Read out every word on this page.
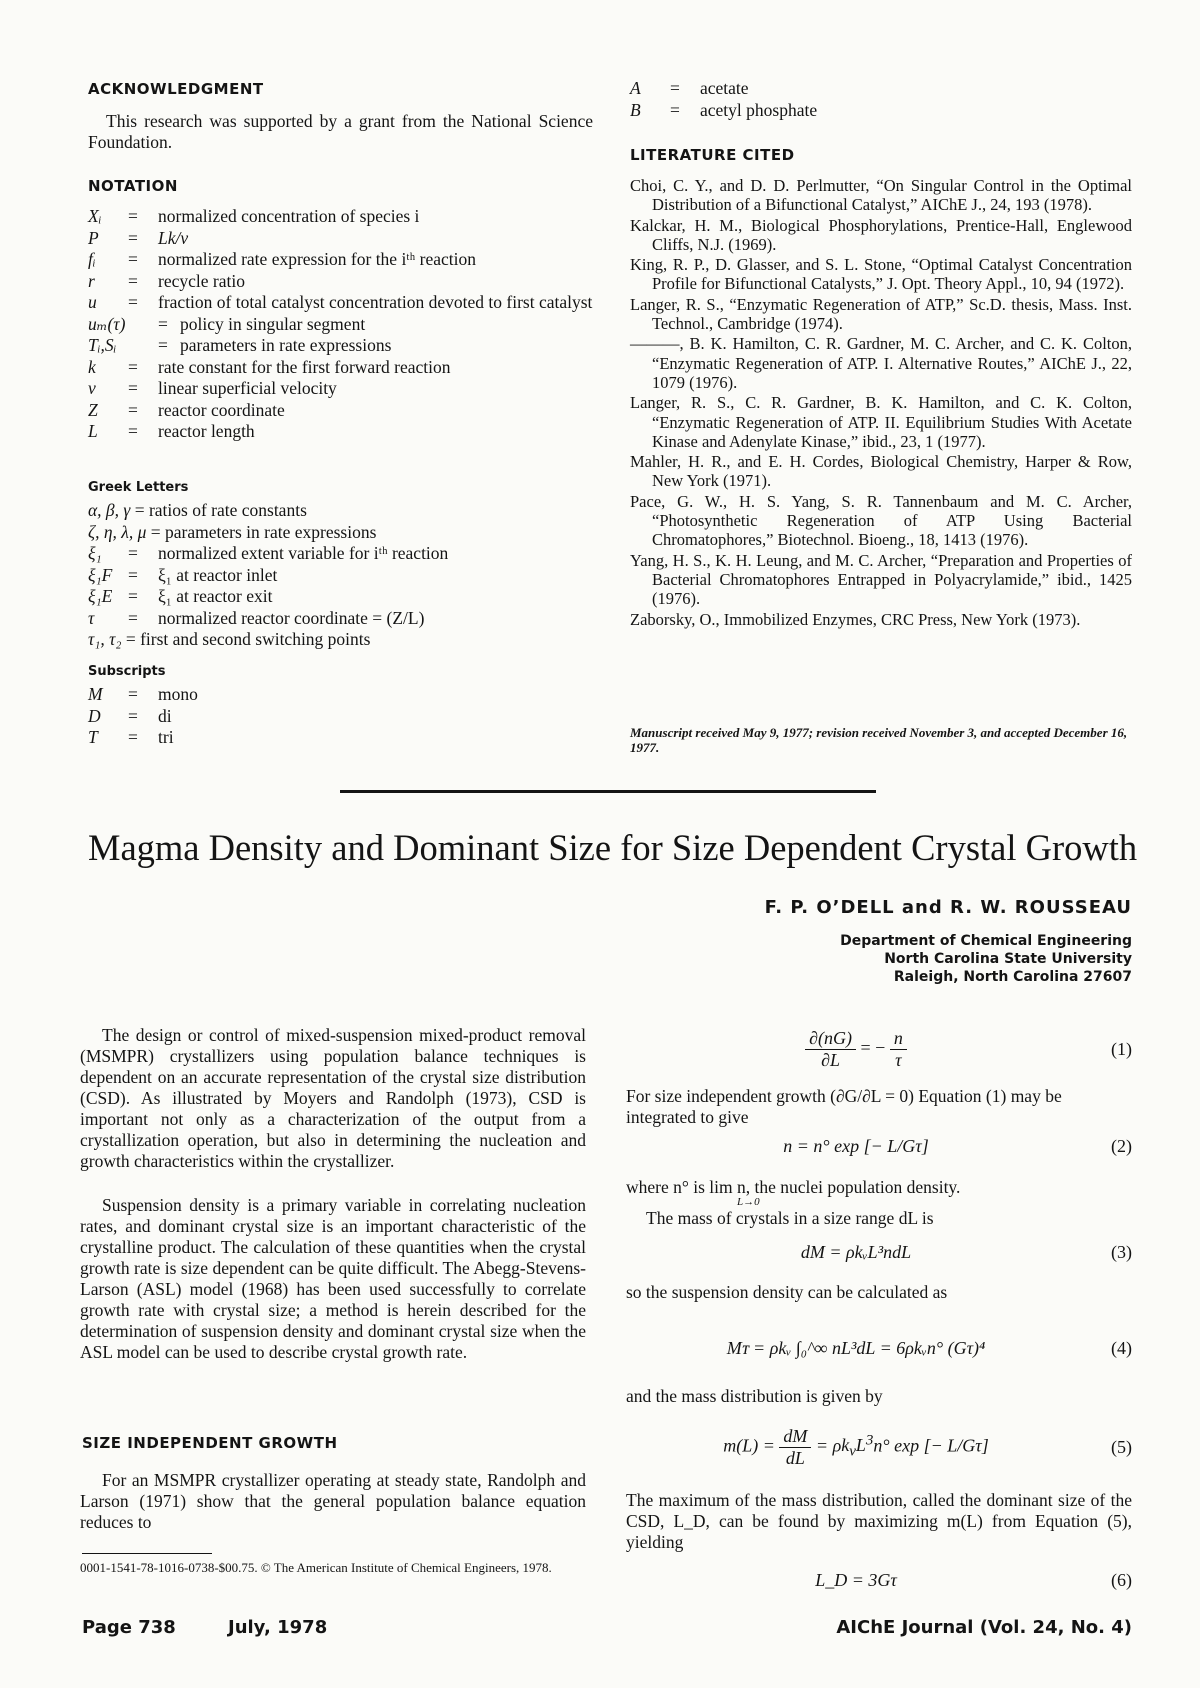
ACKNOWLEDGMENT
This research was supported by a grant from the National Science Foundation.
NOTATION
Xᵢ	=	normalized concentration of species i
P	=	Lk/v
fᵢ	=	normalized rate expression for the iᵗʰ reaction
r	=	recycle ratio
u	=	fraction of total catalyst concentration devoted to first catalyst
uₘ(τ)	= policy in singular segment
Tᵢ,Sᵢ	= parameters in rate expressions
k	=	rate constant for the first forward reaction
v	=	linear superficial velocity
Z	=	reactor coordinate
L	=	reactor length
Greek Letters
α, β, γ = ratios of rate constants
ζ, η, λ, μ = parameters in rate expressions
ξ₁	=	normalized extent variable for iᵗʰ reaction
ξ₁F =	ξ₁ at reactor inlet
ξ₁E =	ξ₁ at reactor exit
τ	=	normalized reactor coordinate = (Z/L)
τ₁, τ₂ = first and second switching points
Subscripts
M	=	mono
D	=	di
T	=	tri
A	=	acetate
B	=	acetyl phosphate
LITERATURE CITED
Choi, C. Y., and D. D. Perlmutter, “On Singular Control in the Optimal Distribution of a Bifunctional Catalyst,” AIChE J., 24, 193 (1978).
Kalckar, H. M., Biological Phosphorylations, Prentice-Hall, Englewood Cliffs, N.J. (1969).
King, R. P., D. Glasser, and S. L. Stone, “Optimal Catalyst Concentration Profile for Bifunctional Catalysts,” J. Opt. Theory Appl., 10, 94 (1972).
Langer, R. S., “Enzymatic Regeneration of ATP,” Sc.D. thesis, Mass. Inst. Technol., Cambridge (1974).
———, B. K. Hamilton, C. R. Gardner, M. C. Archer, and C. K. Colton, “Enzymatic Regeneration of ATP. I. Alternative Routes,” AIChE J., 22, 1079 (1976).
Langer, R. S., C. R. Gardner, B. K. Hamilton, and C. K. Colton, “Enzymatic Regeneration of ATP. II. Equilibrium Studies With Acetate Kinase and Adenylate Kinase,” ibid., 23, 1 (1977).
Mahler, H. R., and E. H. Cordes, Biological Chemistry, Harper & Row, New York (1971).
Pace, G. W., H. S. Yang, S. R. Tannenbaum and M. C. Archer, “Photosynthetic Regeneration of ATP Using Bacterial Chromatophores,” Biotechnol. Bioeng., 18, 1413 (1976).
Yang, H. S., K. H. Leung, and M. C. Archer, “Preparation and Properties of Bacterial Chromatophores Entrapped in Polyacrylamide,” ibid., 1425 (1976).
Zaborsky, O., Immobilized Enzymes, CRC Press, New York (1973).
Manuscript received May 9, 1977; revision received November 3, and accepted December 16, 1977.
Magma Density and Dominant Size for Size Dependent Crystal Growth
F. P. O’DELL and R. W. ROUSSEAU
Department of Chemical Engineering
North Carolina State University
Raleigh, North Carolina 27607
The design or control of mixed-suspension mixed-product removal (MSMPR) crystallizers using population balance techniques is dependent on an accurate representation of the crystal size distribution (CSD). As illustrated by Moyers and Randolph (1973), CSD is important not only as a characterization of the output from a crystallization operation, but also in determining the nucleation and growth characteristics within the crystallizer.
Suspension density is a primary variable in correlating nucleation rates, and dominant crystal size is an important characteristic of the crystalline product. The calculation of these quantities when the crystal growth rate is size dependent can be quite difficult. The Abegg-Stevens-Larson (ASL) model (1968) has been used successfully to correlate growth rate with crystal size; a method is herein described for the determination of suspension density and dominant crystal size when the ASL model can be used to describe crystal growth rate.
SIZE INDEPENDENT GROWTH
For an MSMPR crystallizer operating at steady state, Randolph and Larson (1971) show that the general population balance equation reduces to
0001-1541-78-1016-0738-$00.75. © The American Institute of Chemical Engineers, 1978.
$\frac{\partial(nG)}{\partial L}$ = − $\frac{n}{\tau}$	(1)
For size independent growth (∂G/∂L = 0) Equation (1) may be integrated to give
n = n° exp [− L/Gτ]	(2)
where n° is lim n, the nuclei population density.
L→0
The mass of crystals in a size range dL is
dM = ρkᵥL³ndL	(3)
so the suspension density can be calculated as
Mᴛ = ρkᵥ ∫₀^∞ nL³dL = 6ρkᵥn° (Gτ)⁴	(4)
and the mass distribution is given by
$m(L) = \frac{dM}{dL} = \rho k_vL^3n^\circ$ exp [− L/Gτ]	(5)
The maximum of the mass distribution, called the dominant size of the CSD, L_D, can be found by maximizing m(L) from Equation (5), yielding
L_D = 3Gτ	(6)
Page 738	July, 1978	AIChE Journal (Vol. 24, No. 4)
